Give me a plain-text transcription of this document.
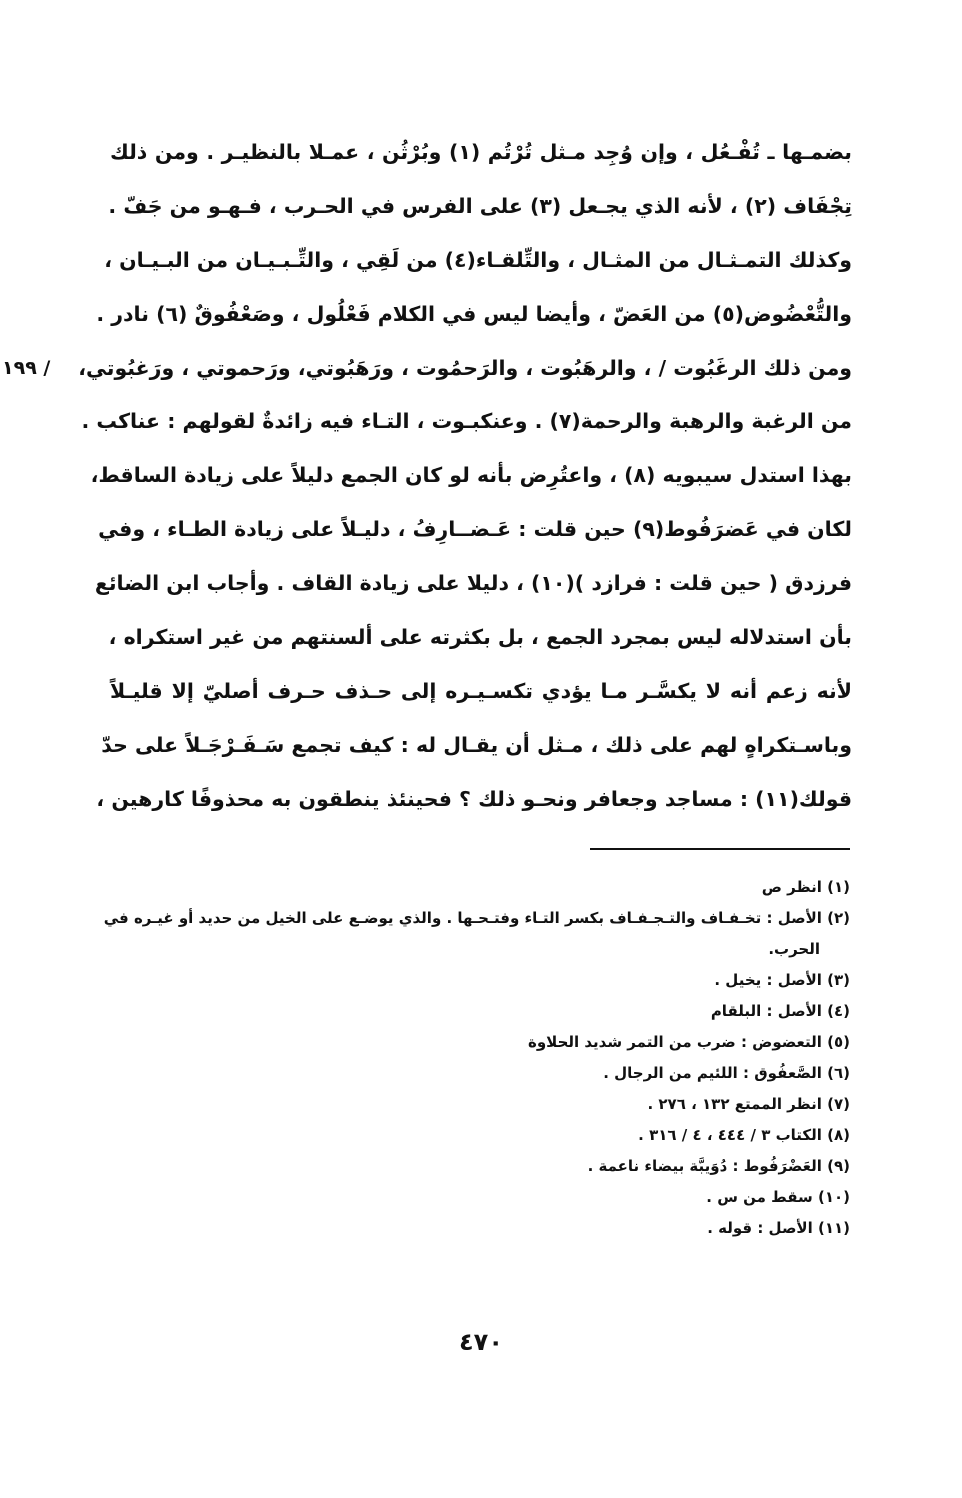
بضمـها ـ تُفْـعُل ، وإن وُجِد مـثل تُرْتُم (١) وبُرْثُن ، عمـلا بالنظيـر . ومن ذلك
تِجْفَاف (٢) ، لأنه الذي يجـعل (٣) على الفرس في الحـرب ، فـهـو من جَفّ .
وكذلك التمـثـال من المثـال ، والتِّلقـاء(٤) من لَقِي ، والتِّـبـيـان من البـيـان ،
والتُّعْضُوض(٥) من العَضّ ، وأيضا ليس في الكلام فَعْلُول ، وصَعْفُوقٌ (٦) نادر .
ومن ذلك الرغَبُوت / ، والرهَبُوت ، والرَحمُوت ، ورَهَبُوتي، ورَحموتي ، ورَغبُوتي،
/ ١٩٩
من الرغبة والرهبة والرحمة(٧) . وعنكبـوت ، التـاء فيه زائدةٌ لقولهم : عناكب .
بهذا استدل سيبويه (٨) ، واعتُرِض بأنه لو كان الجمع دليلاً على زيادة الساقط،
لكان في عَضرَفُوط(٩) حين قلت : عَـضــارِفُ ، دليـلاً على زيادة الطـاء ، وفي
فرزدق ( حين قلت : فرازد )(١٠) ، دليلا على زيادة القاف . وأجاب ابن الضائع
بأن استدلاله ليس بمجرد الجمع ، بل بكثرته على ألسنتهم من غير استكراه ،
لأنه زعم أنه لا يكسَّـر مـا يؤدي تكسـيـره إلى حـذف حـرف أصليّ إلا قليـلاً
وباسـتكراهٍ لهم على ذلك ، مـثل أن يقـال له : كيف تجمع سَـفَـرْجَـلاً على حدّ
قولك(١١) : مساجد وجعافر ونحـو ذلك ؟ فحينئذ ينطقون به محذوفًا كارهين ،
(١) انظر ص
(٢) الأصل : تخـفـاف والتـجـفـاف بكسر التـاء وفتـحـها . والذي يوضـع على الخيل من حديد أو غيـره في
الحرب.
(٣) الأصل : يخيل .
(٤) الأصل : البلقام
(٥) التعضوض : ضرب من التمر شديد الحلاوة
(٦) الصَّعفُوق : اللئيم من الرجال .
(٧) انظر الممتع ١٣٢ ، ٢٧٦ .
(٨) الكتاب ٣ / ٤٤٤ ، ٤ / ٣١٦ .
(٩) العَضْرَفُوط : دُوَيبَّة بيضاء ناعمة .
(١٠) سقط من س .
(١١) الأصل : قوله .
٤٧٠
